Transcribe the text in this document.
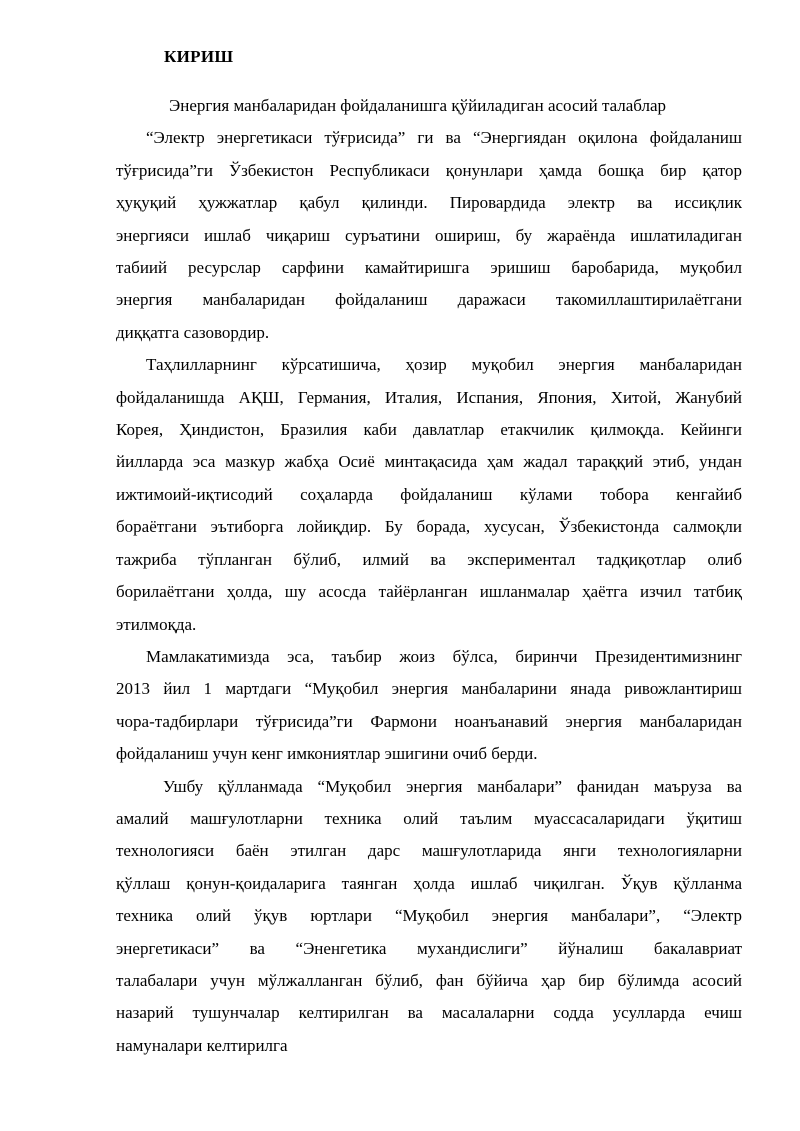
КИРИШ
Энергия манбаларидан фойдаланишга қўйиладиган асосий талаблар
“Электр энергетикаси тўғрисида” ги ва “Энергиядан оқилона фойдаланиш
тўғрисида”ги Ўзбекистон Республикаси қонунлари ҳамда бошқа бир қатор
ҳуқуқий ҳужжатлар қабул қилинди. Пировардида электр ва иссиқлик
энергияси ишлаб чиқариш суръатини ошириш, бу жараёнда ишлатиладиган
табиий ресурслар сарфини камайтиришга эришиш баробарида, муқобил
энергия манбаларидан фойдаланиш даражаси такомиллаштирилаётгани
диққатга сазовордир.
Таҳлилларнинг кўрсатишича, ҳозир муқобил энергия манбаларидан
фойдаланишда АҚШ, Германия, Италия, Испания, Япония, Хитой, Жанубий
Корея, Ҳиндистон, Бразилия каби давлатлар етакчилик қилмоқда. Кейинги
йилларда эса мазкур жабҳа Осиё минтақасида ҳам жадал тараққий этиб, ундан
ижтимоий-иқтисодий соҳаларда фойдаланиш кўлами тобора кенгайиб
бораётгани эътиборга лойиқдир. Бу борада, хусусан, Ўзбекистонда салмоқли
тажриба тўпланган бўлиб, илмий ва экспериментал тадқиқотлар олиб
борилаётгани ҳолда, шу асосда тайёрланган ишланмалар ҳаётга изчил татбиқ
этилмоқда.
Мамлакатимизда эса, таъбир жоиз бўлса, биринчи Президентимизнинг
2013 йил 1 мартдаги “Муқобил энергия манбаларини янада ривожлантириш
чора-тадбирлари тўғрисида”ги Фармони ноанъанавий энергия манбаларидан
фойдаланиш учун кенг имкониятлар эшигини очиб берди.
Ушбу қўлланмада “Муқобил энергия манбалари” фанидан маъруза ва
амалий машғулотларни техника олий таълим муассасаларидаги ўқитиш
технологияси баён этилган дарс машғулотларида янги технологияларни
қўллаш қонун-қоидаларига таянган ҳолда ишлаб чиқилган. Ўқув қўлланма
техника олий ўқув юртлари “Муқобил энергия манбалари”, “Электр
энергетикаси” ва “Эненгетика мухандислиги” йўналиш бакалавриат
талабалари учун мўлжалланган бўлиб, фан бўйича ҳар бир бўлимда асосий
назарий тушунчалар келтирилган ва масалаларни содда усулларда ечиш
намуналари келтирилга
